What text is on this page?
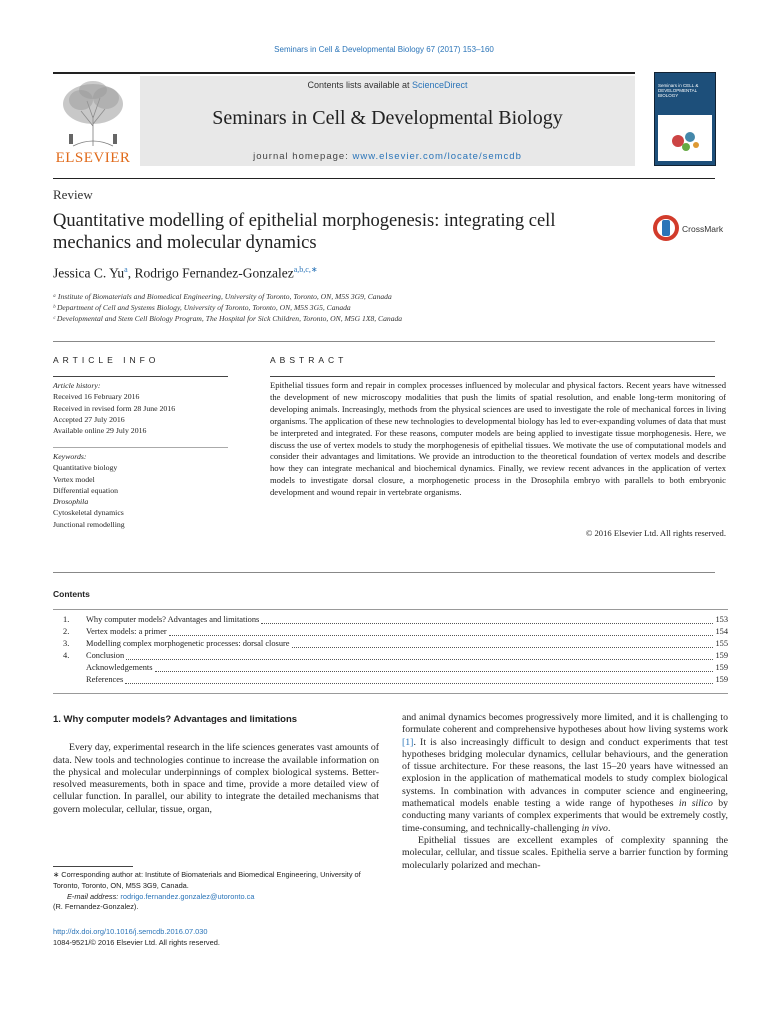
Seminars in Cell & Developmental Biology 67 (2017) 153–160
ELSEVIER
Contents lists available at ScienceDirect
Seminars in Cell & Developmental Biology
journal homepage: www.elsevier.com/locate/semcdb
Seminars in CELL & DEVELOPMENTAL BIOLOGY
Review
Quantitative modelling of epithelial morphogenesis: integrating cell mechanics and molecular dynamics
CrossMark
Jessica C. Yu$^a$, Rodrigo Fernandez-Gonzalez$^{a,b,c,∗}$
ᵃ Institute of Biomaterials and Biomedical Engineering, University of Toronto, Toronto, ON, M5S 3G9, Canada
ᵇ Department of Cell and Systems Biology, University of Toronto, Toronto, ON, M5S 3G5, Canada
ᶜ Developmental and Stem Cell Biology Program, The Hospital for Sick Children, Toronto, ON, M5G 1X8, Canada
ARTICLE INFO	ABSTRACT
Article history:
Received 16 February 2016
Received in revised form 28 June 2016
Accepted 27 July 2016
Available online 29 July 2016
Keywords:
Quantitative biology
Vertex model
Differential equation
Drosophila
Cytoskeletal dynamics
Junctional remodelling
Epithelial tissues form and repair in complex processes influenced by molecular and physical factors. Recent years have witnessed the development of new microscopy modalities that push the limits of spatial resolution, and enable long-term monitoring of developing animals. Increasingly, methods from the physical sciences are used to investigate the role of mechanical forces in living organisms. The application of these new technologies to developmental biology has led to ever-expanding volumes of data that must be interpreted and integrated. For these reasons, computer models are being applied to investigate tissue morphogenesis. Here, we discuss the use of vertex models to study the morphogenesis of epithelial tissues. We motivate the use of computational models and consider their advantages and limitations. We provide an introduction to the theoretical foundation of vertex models and describe how they can integrate mechanical and biochemical dynamics. Finally, we review recent advances in the application of vertex models to investigate dorsal closure, a morphogenetic process in the Drosophila embryo with parallels to both embryonic development and wound repair in vertebrate organisms.
© 2016 Elsevier Ltd. All rights reserved.
Contents
1. Why computer models? Advantages and limitations	153
2. Vertex models: a primer	154
3. Modelling complex morphogenetic processes: dorsal closure	155
4. Conclusion	159
Acknowledgements	159
References	159
1. Why computer models? Advantages and limitations

Every day, experimental research in the life sciences generates vast amounts of data. New tools and technologies continue to increase the available information on the physical and molecular underpinnings of complex biological systems. Better-resolved measurements, both in space and time, provide a more detailed view of cellular function. In parallel, our ability to integrate the detailed mechanisms that govern molecular, cellular, tissue, organ,

∗ Corresponding author at: Institute of Biomaterials and Biomedical Engineering, University of Toronto, Toronto, ON, M5S 3G9, Canada.
E-mail address: rodrigo.fernandez.gonzalez@utoronto.ca
(R. Fernandez-Gonzalez).
http://dx.doi.org/10.1016/j.semcdb.2016.07.030
1084-9521/© 2016 Elsevier Ltd. All rights reserved.

and animal dynamics becomes progressively more limited, and it is challenging to formulate coherent and comprehensive hypotheses about how living systems work [1]. It is also increasingly difficult to design and conduct experiments that test hypotheses bridging molecular dynamics, cellular behaviours, and the generation of tissue architecture. For these reasons, the last 15–20 years have witnessed an explosion in the application of mathematical models to study complex biological systems. In combination with advances in computer science and engineering, mathematical models enable testing a wide range of hypotheses in silico by conducting many variants of complex experiments that would be extremely costly, time-consuming, and technically-challenging in vivo.

Epithelial tissues are excellent examples of complexity spanning the molecular, cellular, and tissue scales. Epithelia serve a barrier function by forming molecularly polarized and mechan-
